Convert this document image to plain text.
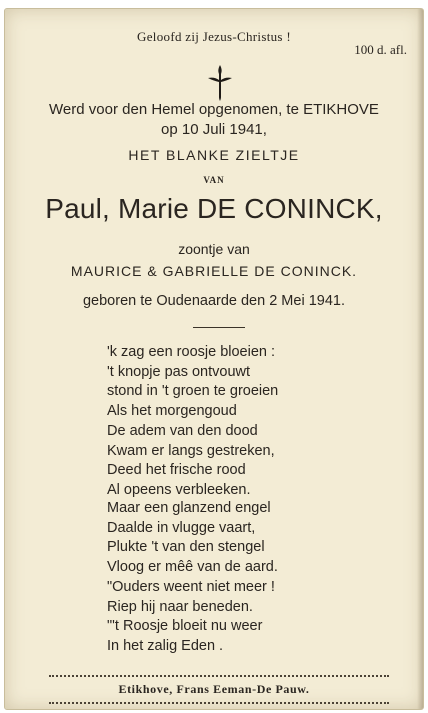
Geloofd zij Jezus-Christus !
100 d. afl.
Werd voor den Hemel opgenomen, te ETIKHOVE
op 10 Juli 1941,
HET BLANKE ZIELTJE
VAN
Paul, Marie DE CONINCK,
zoontje van
MAURICE & GABRIELLE DE CONINCK.
geboren te Oudenaarde den 2 Mei 1941.
'k zag een roosje bloeien :
't knopje pas ontvouwt
stond in 't groen te groeien
Als het morgengoud
De adem van den dood
Kwam er langs gestreken,
Deed het frische rood
Al opeens verbleeken.
Maar een glanzend engel
Daalde in vlugge vaart,
Plukte 't van den stengel
Vloog er mêê van de aard.
"Ouders weent niet meer !
Riep hij naar beneden.
"'t Roosje bloeit nu weer
In het zalig Eden .
Etikhove, Frans Eeman-De Pauw.
